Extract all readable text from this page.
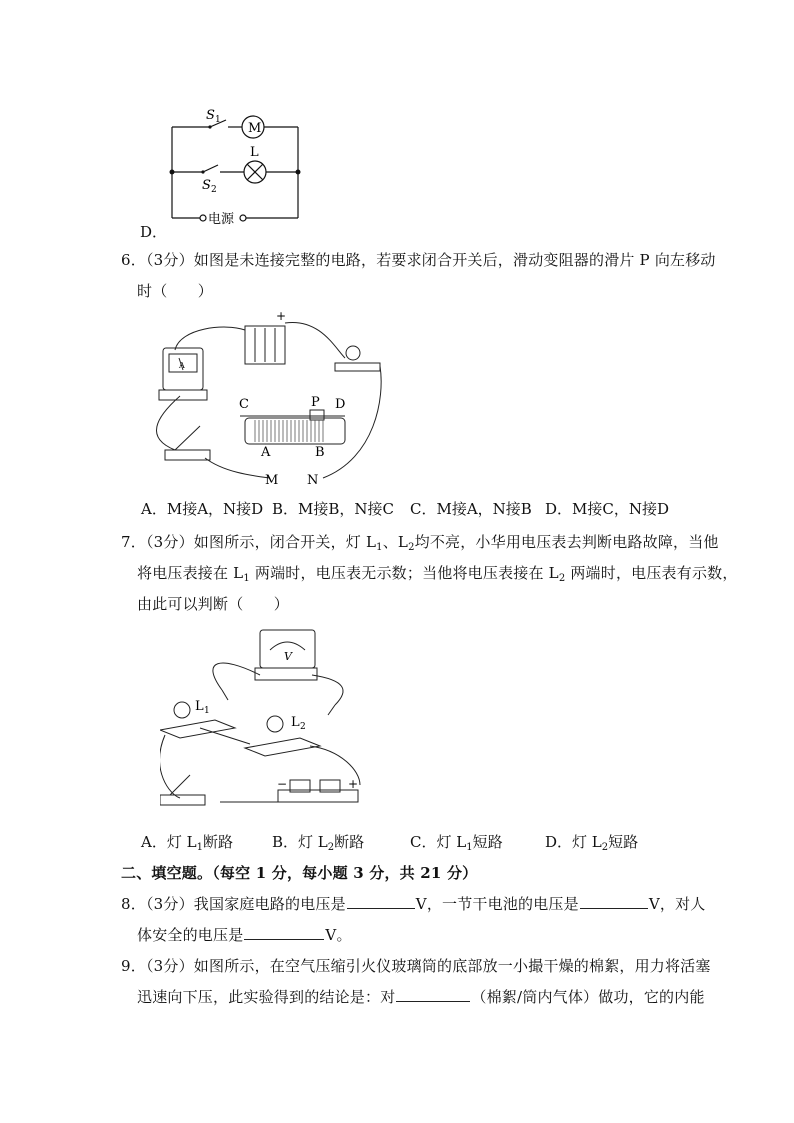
S 1
M
L
S 2
电源
D．
6．（3分）如图是未连接完整的电路，若要求闭合开关后，滑动变阻器的滑片 P 向左移动
时（　　）
+
A
C	P D
A	B
M N
A．M接A，N接D B．M接B，N接C C．M接A，N接B D．M接C，N接D
7．（3分）如图所示，闭合开关，灯 $L_1$、$L_2$均不亮，小华用电压表去判断电路故障，当他
将电压表接在 $L_1$ 两端时，电压表无示数；当他将电压表接在 $L_2$ 两端时，电压表有示数，
由此可以判断（　　）
V
L 1
L 2
−	+
A．灯 $L_1$断路	B．灯 $L_2$断路	C．灯 $L_1$短路	D．灯 $L_2$短路
二、填空题。（每空 1 分，每小题 3 分，共 21 分）
8．（3分）我国家庭电路的电压是	V，一节干电池的电压是	V，对人
体安全的电压是	V。
9．（3分）如图所示，在空气压缩引火仪玻璃筒的底部放一小撮干燥的棉絮，用力将活塞
迅速向下压，此实验得到的结论是：对	（棉絮/筒内气体）做功，它的内能
